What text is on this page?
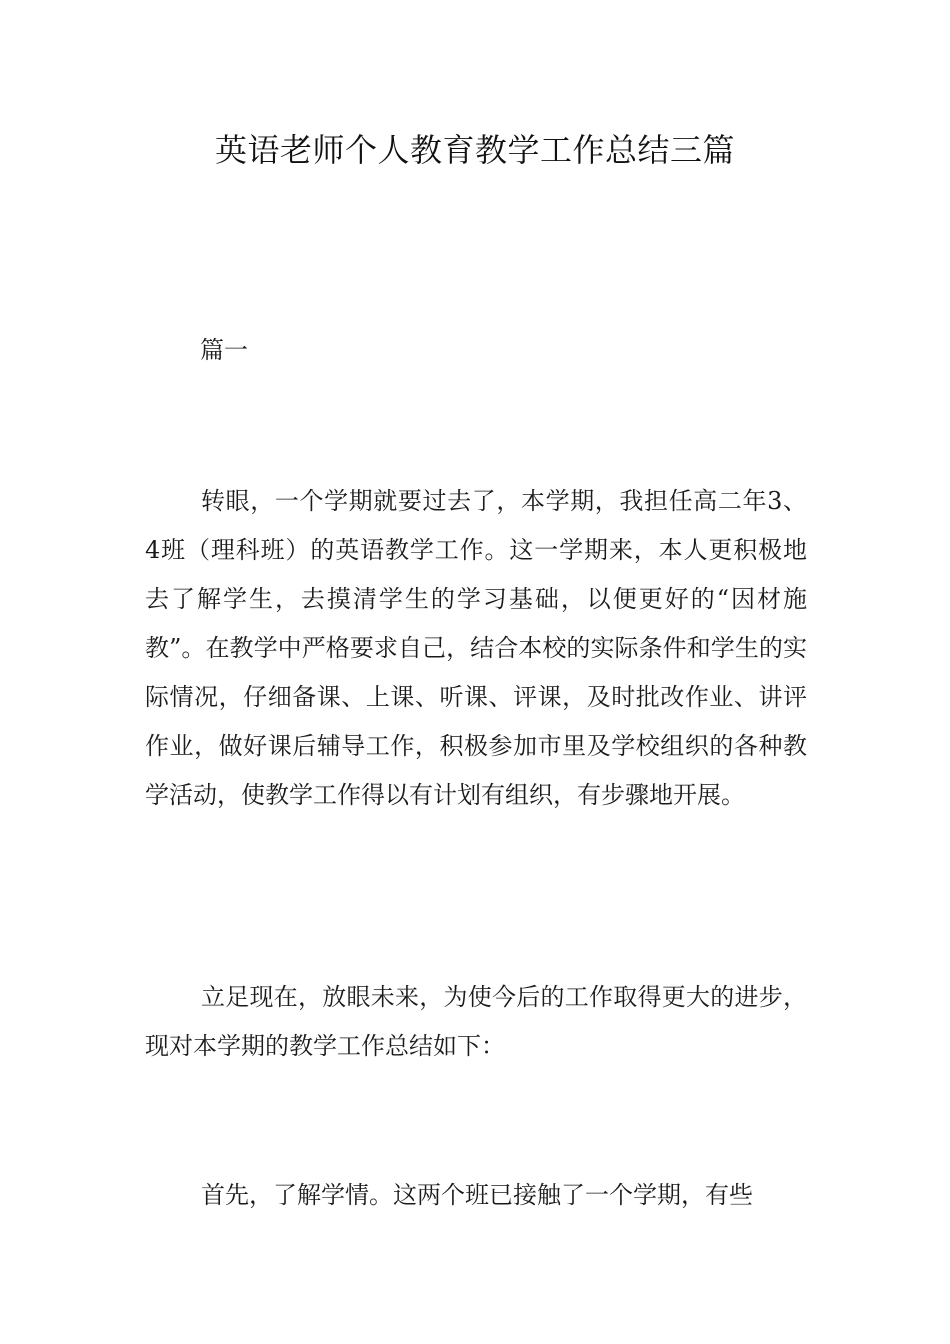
英语老师个人教育教学工作总结三篇

篇一

转眼，一个学期就要过去了，本学期，我担任高二年3、4班（理科班）的英语教学工作。这一学期来，本人更积极地去了解学生，去摸清学生的学习基础，以便更好的“因材施教”。在教学中严格要求自己，结合本校的实际条件和学生的实际情况，仔细备课、上课、听课、评课，及时批改作业、讲评作业，做好课后辅导工作，积极参加市里及学校组织的各种教学活动，使教学工作得以有计划有组织，有步骤地开展。

立足现在，放眼未来，为使今后的工作取得更大的进步，现对本学期的教学工作总结如下：

首先，了解学情。这两个班已接触了一个学期，有些
